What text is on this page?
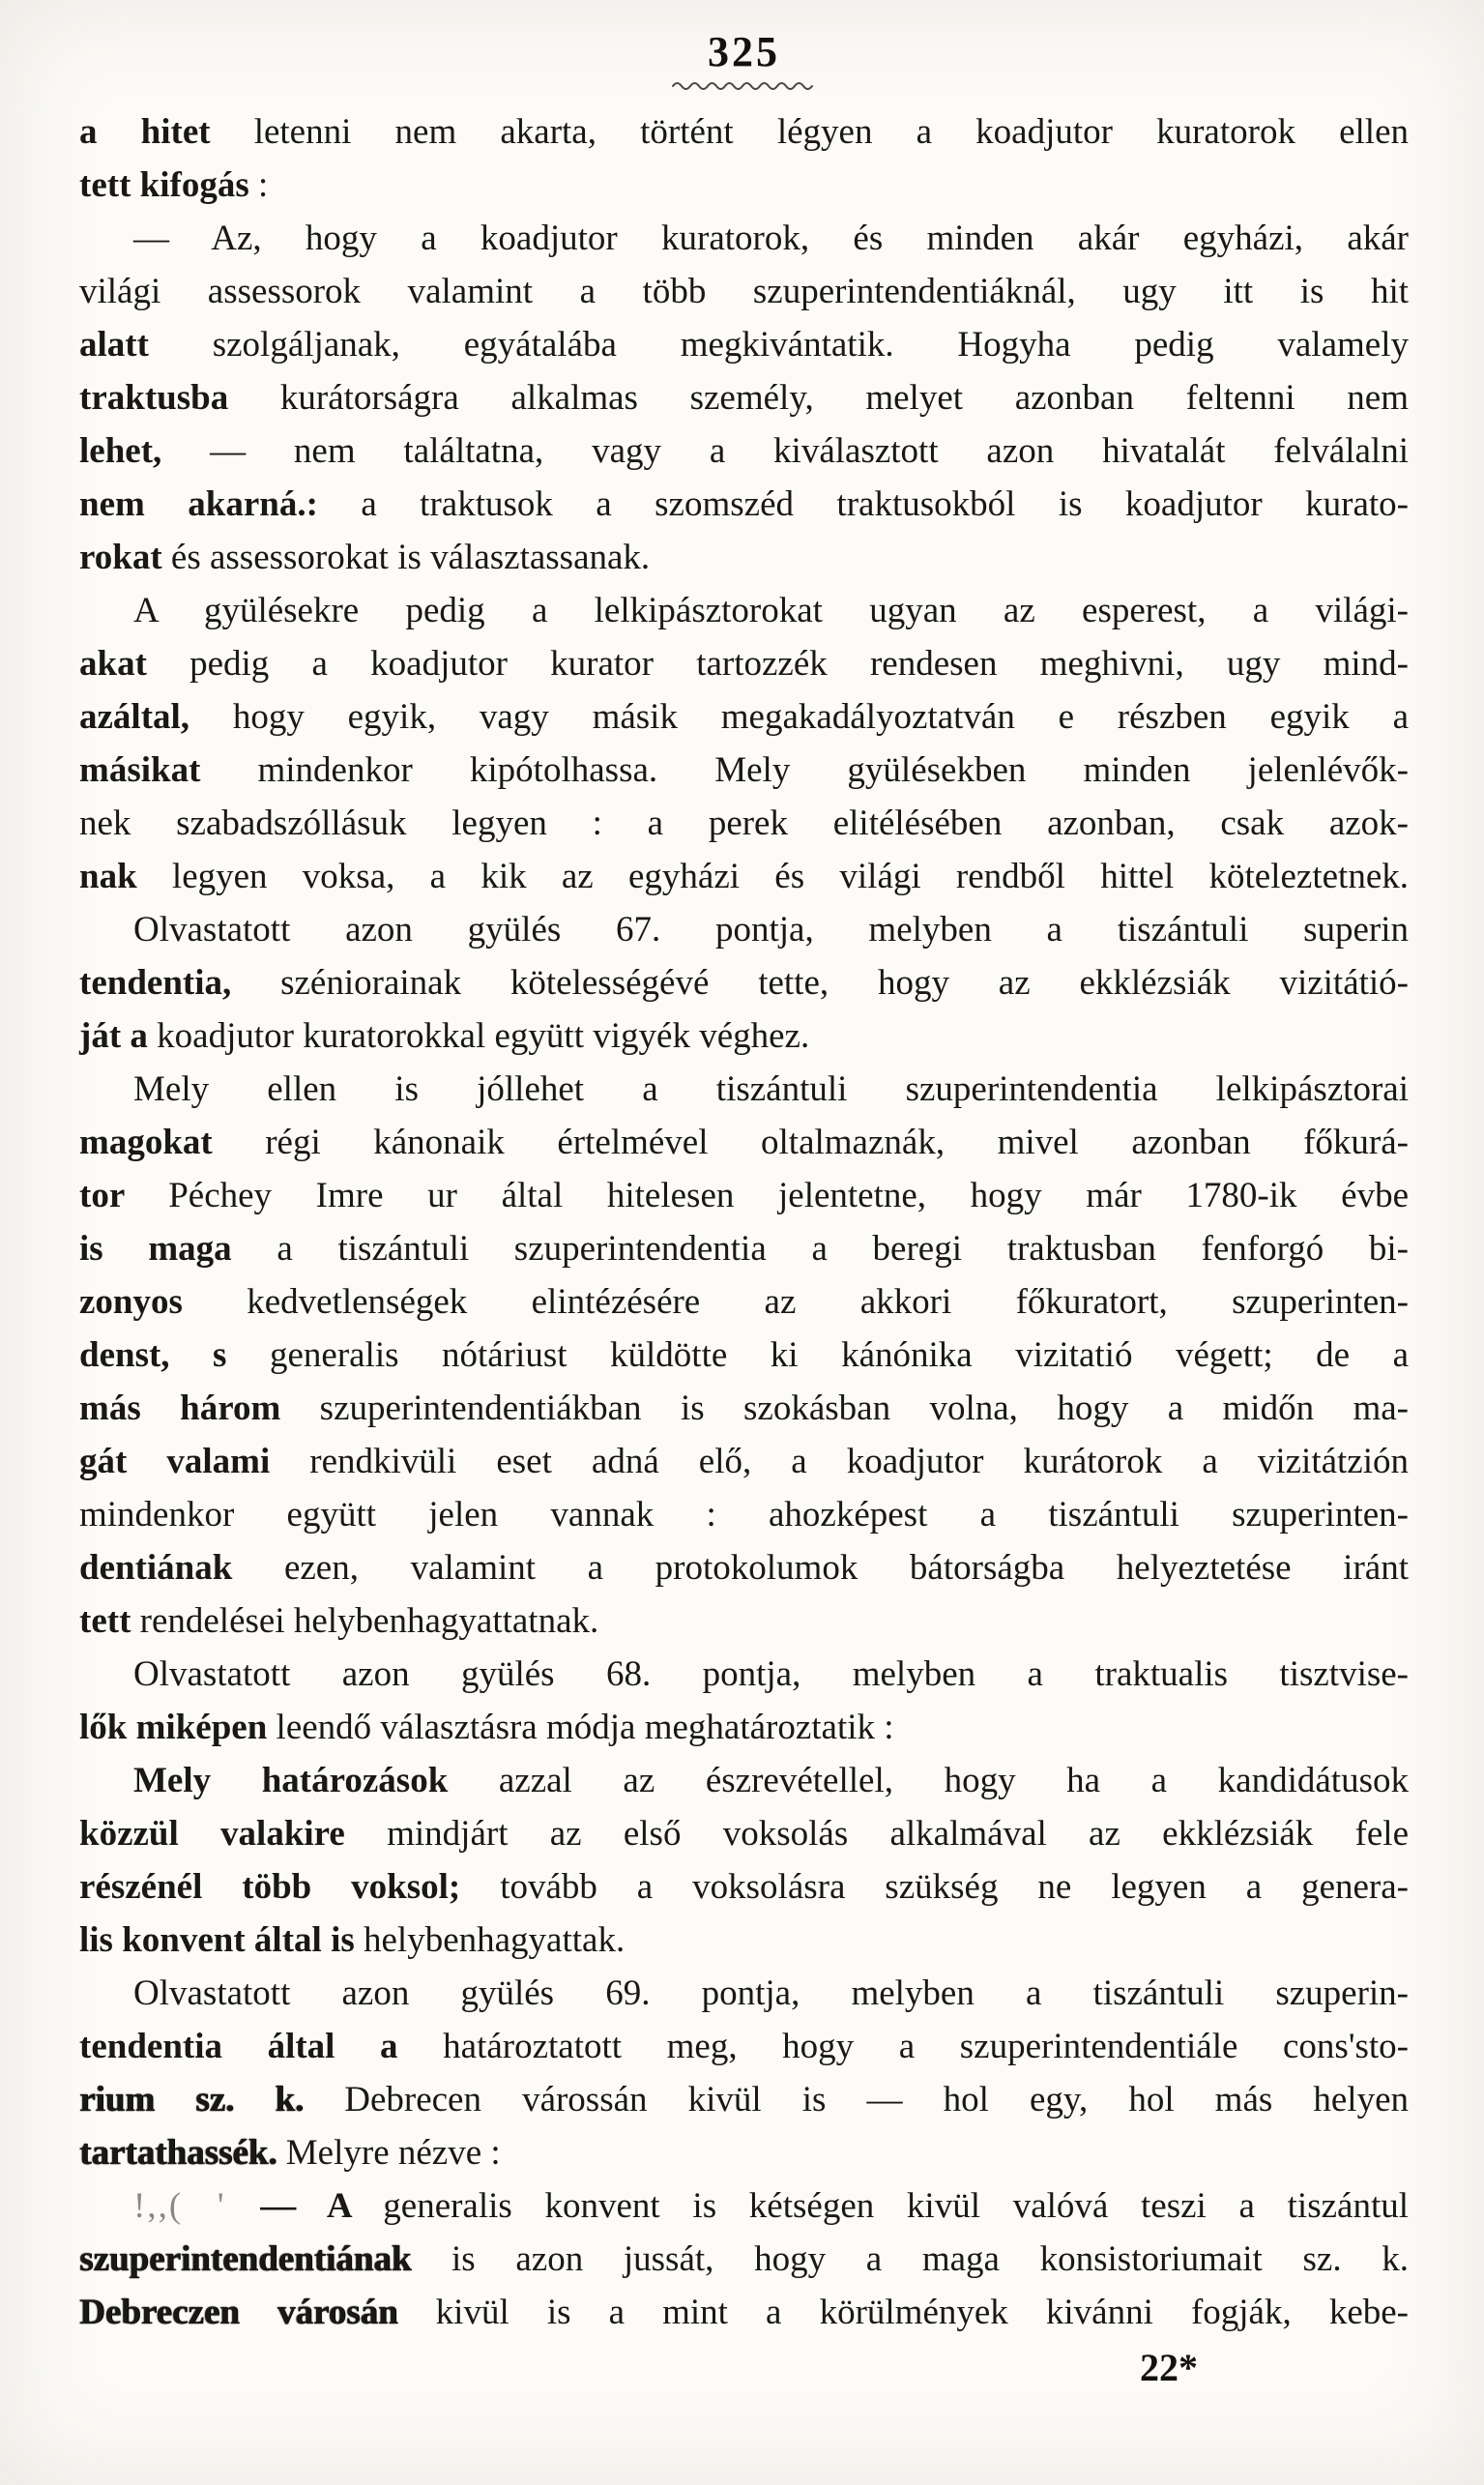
325
a hitet letenni nem akarta, történt légyen a koadjutor kuratorok ellen
tett kifogás :
— Az, hogy a koadjutor kuratorok, és minden akár egyházi, akár
világi assessorok valamint a több szuperintendentiáknál, ugy itt is hit
alatt szolgáljanak, egyátalába megkivántatik. Hogyha pedig valamely
traktusba kurátorságra alkalmas személy, melyet azonban feltenni nem
lehet, — nem találtatna, vagy a kiválasztott azon hivatalát felválalni
nem akarná.: a traktusok a szomszéd traktusokból is koadjutor kurato-
rokat és assessorokat is választassanak.
A gyülésekre pedig a lelkipásztorokat ugyan az esperest, a világi-
akat pedig a koadjutor kurator tartozzék rendesen meghivni, ugy mind-
azáltal, hogy egyik, vagy másik megakadályoztatván e részben egyik a
másikat mindenkor kipótolhassa. Mely gyülésekben minden jelenlévők-
nek szabadszóllásuk legyen : a perek elitélésében azonban, csak azok-
nak legyen voksa, a kik az egyházi és világi rendből hittel köteleztetnek.
Olvastatott azon gyülés 67. pontja, melyben a tiszántuli superin
tendentia, széniorainak kötelességévé tette, hogy az ekklézsiák vizitátió-
ját a koadjutor kuratorokkal együtt vigyék véghez.
Mely ellen is jóllehet a tiszántuli szuperintendentia lelkipásztorai
magokat régi kánonaik értelmével oltalmaznák, mivel azonban főkurá-
tor Péchey Imre ur által hitelesen jelentetne, hogy már 1780-ik évbe
is maga a tiszántuli szuperintendentia a beregi traktusban fenforgó bi-
zonyos kedvetlenségek elintézésére az akkori főkuratort, szuperinten-
denst, s generalis nótáriust küldötte ki kánónika vizitatió végett; de a
más három szuperintendentiákban is szokásban volna, hogy a midőn ma-
gát valami rendkivüli eset adná elő, a koadjutor kurátorok a vizitátzión
mindenkor együtt jelen vannak : ahozképest a tiszántuli szuperinten-
dentiának ezen, valamint a protokolumok bátorságba helyeztetése iránt
tett rendelései helybenhagyattatnak.
Olvastatott azon gyülés 68. pontja, melyben a traktualis tisztvise-
lők miképen leendő választásra módja meghatároztatik :
Mely határozások azzal az észrevétellel, hogy ha a kandidátusok
közzül valakire mindjárt az első voksolás alkalmával az ekklézsiák fele
részénél több voksol; tovább a voksolásra szükség ne legyen a genera-
lis konvent által is helybenhagyattak.
Olvastatott azon gyülés 69. pontja, melyben a tiszántuli szuperin-
tendentia által a határoztatott meg, hogy a szuperintendentiále cons'sto-
rium sz. k. Debrecen várossán kivül is — hol egy, hol más helyen
tartathassék. Melyre nézve :
!,,( ' — A generalis konvent is kétségen kivül valóvá teszi a tiszántul
szuperintendentiának is azon jussát, hogy a maga konsistoriumait sz. k.
Debreczen városán kivül is a mint a körülmények kivánni fogják, kebe-
22*
